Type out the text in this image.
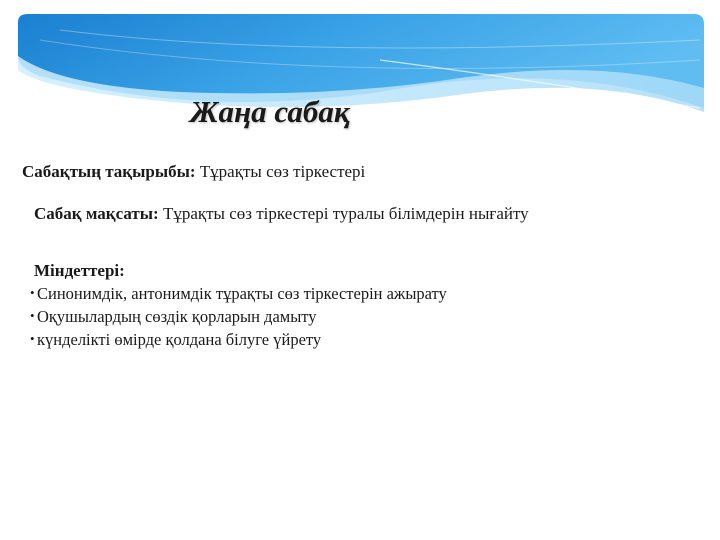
Жаңа сабақ
Сабақтың тақырыбы: Тұрақты сөз тіркестері
Сабақ мақсаты: Тұрақты сөз тіркестері туралы білімдерін нығайту
Міндеттері:
• Синонимдік, антонимдік тұрақты сөз тіркестерін ажырату
• Оқушылардың сөздік қорларын дамыту
• күнделікті өмірде қолдана білуге үйрету
